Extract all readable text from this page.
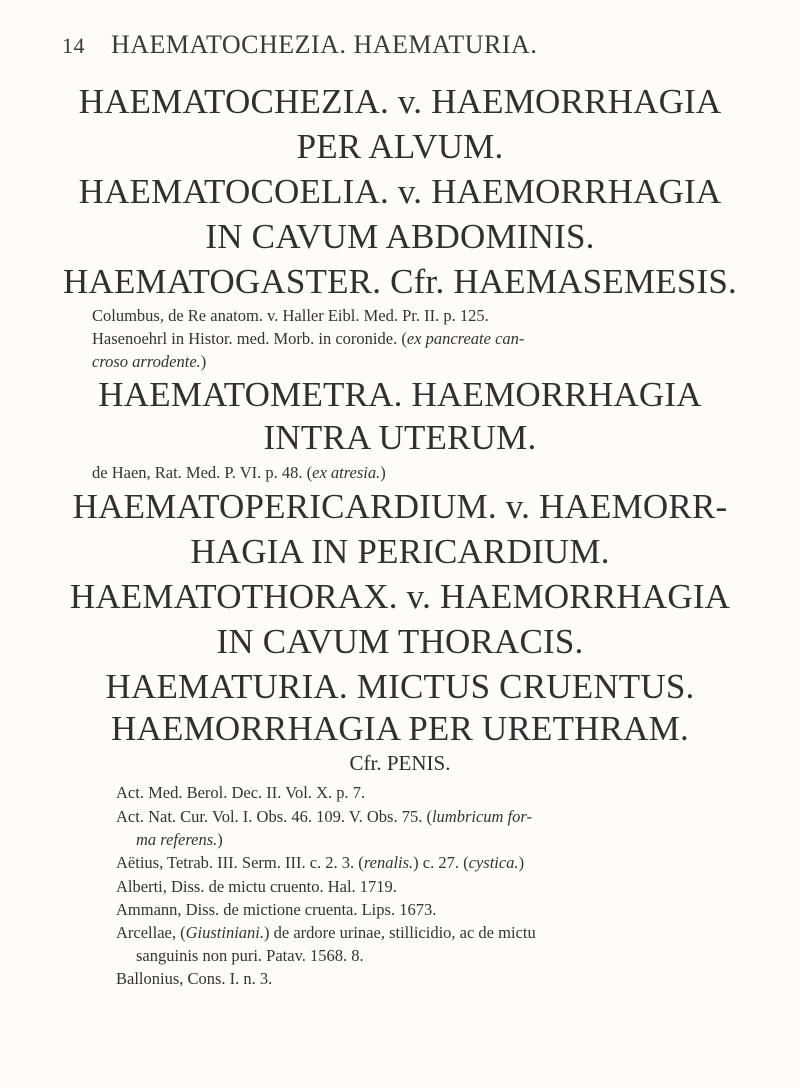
14 HAEMATOCHEZIA. HAEMATURIA.
HAEMATOCHEZIA. v. HAEMORRHAGIA
PER ALVUM.
HAEMATOCOELIA. v. HAEMORRHAGIA
IN CAVUM ABDOMINIS.
HAEMATOGASTER. Cfr. HAEMASEMESIS.
Columbus, de Re anatom. v. Haller Eibl. Med. Pr. II. p. 125.
Hasenoehrl in Histor. med. Morb. in coronide. (ex pancreate can-
croso arrodente.)
HAEMATOMETRA. HAEMORRHAGIA
INTRA UTERUM.
de Haen, Rat. Med. P. VI. p. 48. (ex atresia.)
HAEMATOPERICARDIUM. v. HAEMORR-
HAGIA IN PERICARDIUM.
HAEMATOTHORAX. v. HAEMORRHAGIA
IN CAVUM THORACIS.
HAEMATURIA. MICTUS CRUENTUS.
HAEMORRHAGIA PER URETHRAM.
Cfr. PENIS.
Act. Med. Berol. Dec. II. Vol. X. p. 7.
Act. Nat. Cur. Vol. I. Obs. 46. 109. V. Obs. 75. (lumbricum for-
ma referens.)
Aëtius, Tetrab. III. Serm. III. c. 2. 3. (renalis.) c. 27. (cystica.)
Alberti, Diss. de mictu cruento. Hal. 1719.
Ammann, Diss. de mictione cruenta. Lips. 1673.
Arcellae, (Giustiniani.) de ardore urinae, stillicidio, ac de mictu
sanguinis non puri. Patav. 1568. 8.
Ballonius, Cons. I. n. 3.
